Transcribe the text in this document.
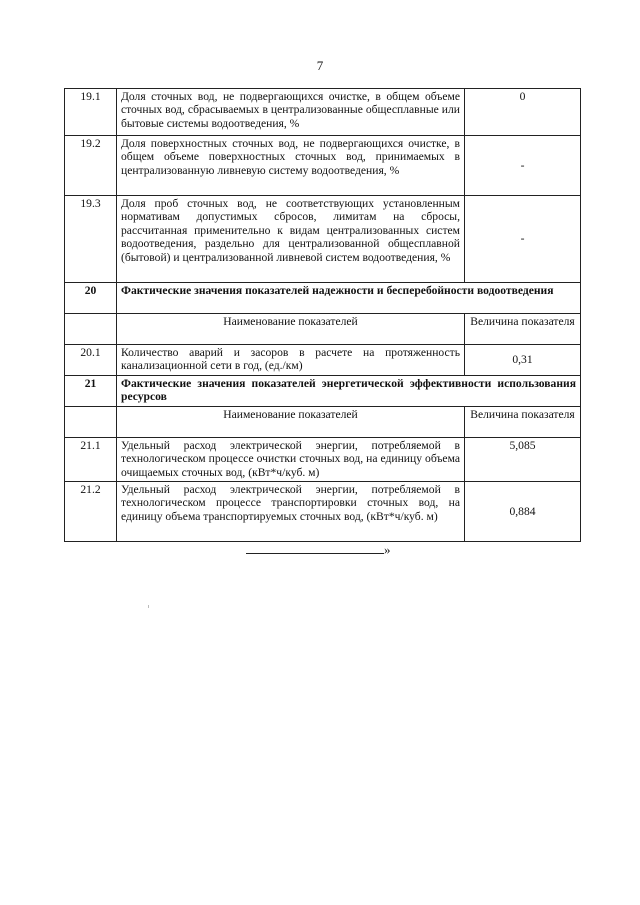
7
19.1	Доля сточных вод, не подвергающихся очистке, в общем объеме сточных вод, сбрасываемых в централизованные общесплавные или бытовые системы водоотведения, %	0
19.2	Доля поверхностных сточных вод, не подвергающихся очистке, в общем объеме поверхностных сточных вод, принимаемых в централизованную ливневую систему водоотведения, %	-
19.3	Доля проб сточных вод, не соответствующих установленным нормативам допустимых сбросов, лимитам на сбросы, рассчитанная применительно к видам централизованных систем водоотведения, раздельно для централизованной общесплавной (бытовой) и централизованной ливневой систем водоотведения, %	-
20	Фактические значения показателей надежности и бесперебойности водоотведения	
	Наименование показателей	Величина показателя
20.1	Количество аварий и засоров в расчете на протяженность канализационной сети в год, (ед./км)	0,31
21	Фактические значения показателей энергетической эффективности использования ресурсов	
	Наименование показателей	Величина показателя
21.1	Удельный расход электрической энергии, потребляемой в технологическом процессе очистки сточных вод, на единицу объема очищаемых сточных вод, (кВт*ч/куб. м)	5,085
21.2	Удельный расход электрической энергии, потребляемой в технологическом процессе транспортировки сточных вод, на единицу объема транспортируемых сточных вод, (кВт*ч/куб. м)	0,884
»
